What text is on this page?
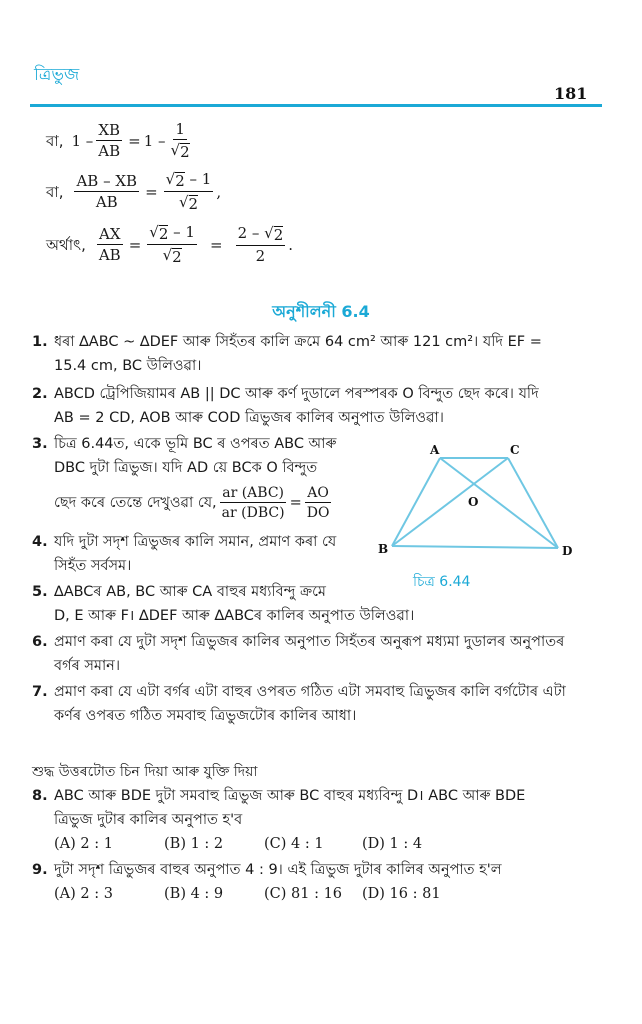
ত্ৰিভুজ
181
বা, $1 - \frac{XB}{AB} = 1 - \frac{1}{√ 2}$
বা, $\frac{AB - XB}{AB} = \frac{√ 2 - 1}{√ 2}$ ,
অৰ্থাৎ, $\frac{AX}{AB} = \frac{√ 2 - 1}{√ 2} = \frac{2 - √ 2}{2}$ .
অনুশীলনী 6.4
1. ধৰা ∆ABC ~ ∆DEF আৰু সিহঁতৰ কালি ক্ৰমে 64 cm² আৰু 121 cm²। যদি EF =
15.4 cm, BC উলিওৱা।
2. ABCD ট্ৰেপিজিয়ামৰ AB || DC আৰু কৰ্ণ দুডালে পৰস্পৰক O বিন্দুত ছেদ কৰে। যদি
AB = 2 CD, AOB আৰু COD ত্ৰিভুজৰ কালিৰ অনুপাত উলিওৱা।
3. চিত্ৰ 6.44ত, একে ভূমি BC ৰ ওপৰত ABC আৰু
DBC দুটা ত্ৰিভুজ। যদি AD য়ে BCক O বিন্দুত
ছেদ কৰে তেন্তে দেখুওৱা যে, $\frac{\text{ar (ABC)}}{\text{ar (DBC)}} = \frac{AO}{DO}$
4. যদি দুটা সদৃশ ত্ৰিভুজৰ কালি সমান, প্ৰমাণ কৰা যে
সিহঁত সৰ্বসম।
5. ∆ABCৰ AB, BC আৰু CA বাহুৰ মধ্যবিন্দু ক্ৰমে
D, E আৰু F। ∆DEF আৰু ∆ABCৰ কালিৰ অনুপাত উলিওৱা।
6. প্ৰমাণ কৰা যে দুটা সদৃশ ত্ৰিভুজৰ কালিৰ অনুপাত সিহঁতৰ অনুৰূপ মধ্যমা দুডালৰ অনুপাতৰ
বৰ্গৰ সমান।
7. প্ৰমাণ কৰা যে এটা বৰ্গৰ এটা বাহুৰ ওপৰত গঠিত এটা সমবাহু ত্ৰিভুজৰ কালি বৰ্গটোৰ এটা
কৰ্ণৰ ওপৰত গঠিত সমবাহু ত্ৰিভুজটোৰ কালিৰ আধা।
A	C
B	D
O
চিত্ৰ 6.44
শুদ্ধ উত্তৰটোত চিন দিয়া আৰু যুক্তি দিয়া
8. ABC আৰু BDE দুটা সমবাহু ত্ৰিভুজ আৰু BC বাহুৰ মধ্যবিন্দু D। ABC আৰু BDE
ত্ৰিভুজ দুটাৰ কালিৰ অনুপাত হ'ব
(A) 2 : 1	(B) 1 : 2	(C) 4 : 1	(D) 1 : 4
9. দুটা সদৃশ ত্ৰিভুজৰ বাহুৰ অনুপাত 4 : 9। এই ত্ৰিভুজ দুটাৰ কালিৰ অনুপাত হ'ল
(A) 2 : 3	(B) 4 : 9	(C) 81 : 16	(D) 16 : 81
